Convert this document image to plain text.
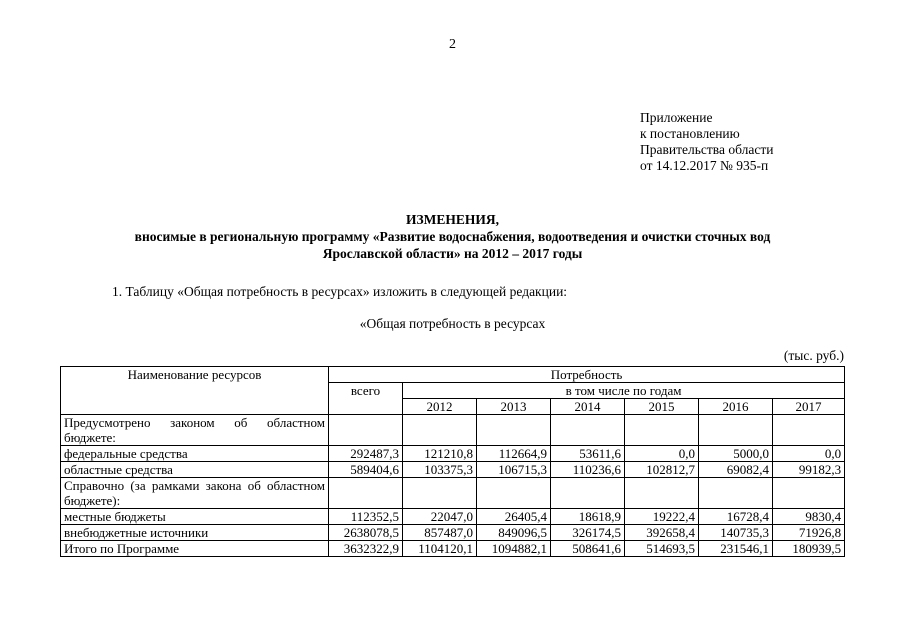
2
Приложение
к постановлению
Правительства области
от 14.12.2017 № 935-п
ИЗМЕНЕНИЯ,
вносимые в региональную программу «Развитие водоснабжения, водоотведения и очистки сточных вод
Ярославской области» на 2012 – 2017 годы
1. Таблицу «Общая потребность в ресурсах» изложить в следующей редакции:
«Общая потребность в ресурсах
(тыс. руб.)
Наименование ресурсов	Потребность						
	всего	в том числе по годам					
		2012	2013	2014	2015	2016	2017
Предусмотрено законом об областном бюджете:							
федеральные средства	292487,3	121210,8	112664,9	53611,6	0,0	5000,0	0,0
областные средства	589404,6	103375,3	106715,3	110236,6	102812,7	69082,4	99182,3
Справочно (за рамками закона об областном бюджете):							
местные бюджеты	112352,5	22047,0	26405,4	18618,9	19222,4	16728,4	9830,4
внебюджетные источники	2638078,5	857487,0	849096,5	326174,5	392658,4	140735,3	71926,8
Итого по Программе	3632322,9	1104120,1	1094882,1	508641,6	514693,5	231546,1	180939,5
